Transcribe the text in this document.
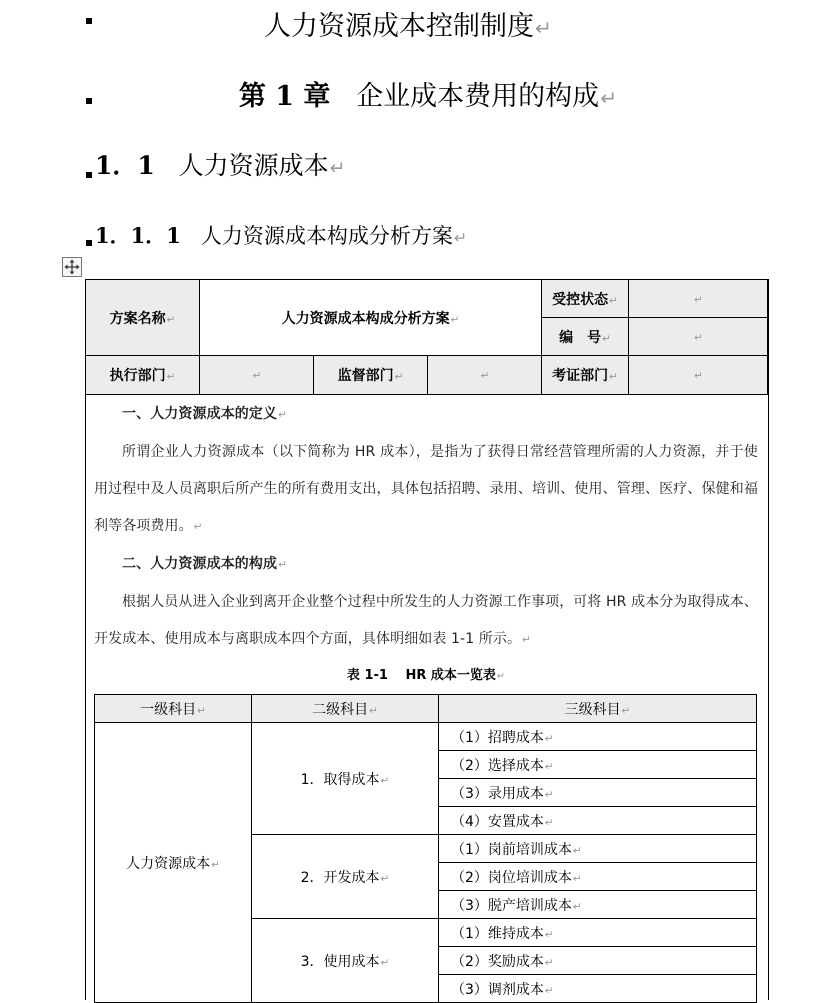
人力资源成本控制制度 ↵
第 1 章 企业成本费用的构成 ↵
1．1 人力资源成本 ↵
1．1．1 人力资源成本构成分析方案 ↵
方案名称 ↵	人力资源成本构成分析方案 ↵			受控状态 ↵	↵
				编　号 ↵	↵
执行部门 ↵	↵	监督部门 ↵	↵	考证部门 ↵	↵
一、人力资源成本的定义 ↵
所谓企业人力资源成本（以下简称为 HR 成本），是指为了获得日常经营管理所需的人力资源，并于使用过程中及人员离职后所产生的所有费用支出，具体包括招聘、录用、培训、使用、管理、医疗、保健和福利等各项费用。 ↵
二、人力资源成本的构成 ↵
根据人员从进入企业到离开企业整个过程中所发生的人力资源工作事项，可将 HR 成本分为取得成本、开发成本、使用成本与离职成本四个方面，具体明细如表 1-1 所示。 ↵
表 1-1　 HR 成本一览表 ↵
一级科目 ↵	二级科目 ↵	三级科目 ↵
人力资源成本 ↵	1．取得成本 ↵	（1）招聘成本 ↵
		（2）选择成本 ↵
		（3）录用成本 ↵
		（4）安置成本 ↵
	2．开发成本 ↵	（1）岗前培训成本 ↵
		（2）岗位培训成本 ↵
		（3）脱产培训成本 ↵
	3．使用成本 ↵	（1）维持成本 ↵
		（2）奖励成本 ↵
		（3）调剂成本 ↵
